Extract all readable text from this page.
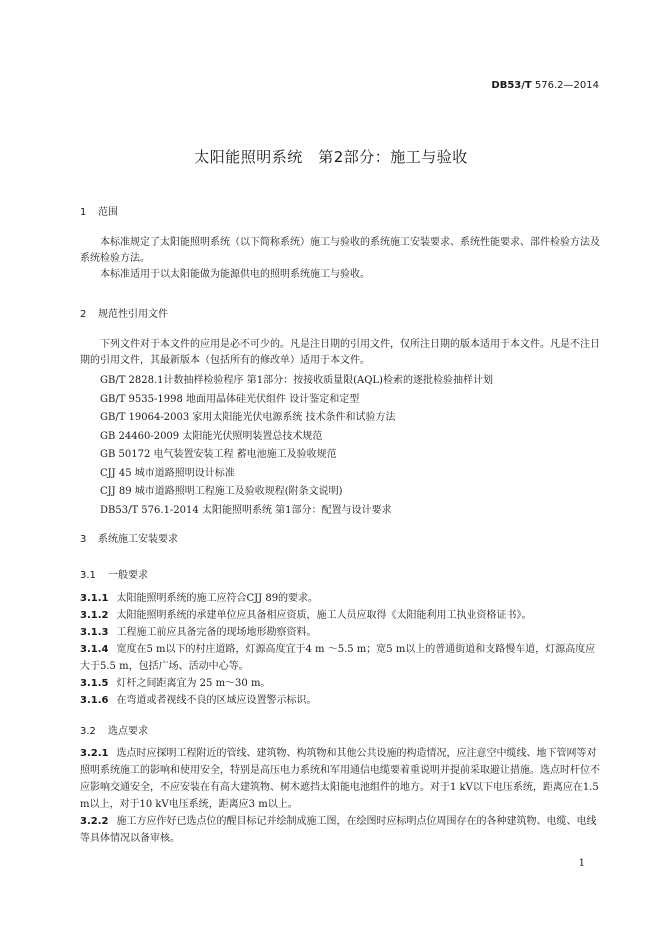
DB53/T 576.2—2014
太阳能照明系统　第2部分：施工与验收
1 范围

本标准规定了太阳能照明系统（以下简称系统）施工与验收的系统施工安装要求、系统性能要求、部件检验方法及系统检验方法。

本标准适用于以太阳能做为能源供电的照明系统施工与验收。

2 规范性引用文件

下列文件对于本文件的应用是必不可少的。凡是注日期的引用文件，仅所注日期的版本适用于本文件。凡是不注日期的引用文件，其最新版本（包括所有的修改单）适用于本文件。

GB/T 2828.1计数抽样检验程序 第1部分：按接收质量限(AQL)检索的逐批检验抽样计划
GB/T 9535-1998 地面用晶体硅光伏组件 设计鉴定和定型
GB/T 19064-2003 家用太阳能光伏电源系统 技术条件和试验方法
GB 24460-2009 太阳能光伏照明装置总技术规范
GB 50172 电气装置安装工程 蓄电池施工及验收规范
CJJ 45 城市道路照明设计标准
CJJ 89 城市道路照明工程施工及验收规程(附条文说明)
DB53/T 576.1-2014 太阳能照明系统 第1部分：配置与设计要求
3 系统施工安装要求
3.1 一般要求
3.1.1 太阳能照明系统的施工应符合CJJ 89的要求。
3.1.2 太阳能照明系统的承建单位应具备相应资质，施工人员应取得《太阳能利用工执业资格证书》。
3.1.3 工程施工前应具备完备的现场地形勘察资料。
3.1.4 宽度在5 m以下的村庄道路，灯源高度宜于4 m ～5.5 m；宽5 m以上的普通街道和支路慢车道，灯源高度应大于5.5 m，包括广场、活动中心等。
3.1.5 灯杆之间距离宜为 25 m～30 m。
3.1.6 在弯道或者视线不良的区域应设置警示标识。
3.2 选点要求
3.2.1 选点时应探明工程附近的管线、建筑物、构筑物和其他公共设施的构造情况，应注意空中缆线、地下管网等对照明系统施工的影响和使用安全，特别是高压电力系统和军用通信电缆要着重说明并提前采取避让措施。选点时杆位不应影响交通安全，不应安装在有高大建筑物、树木遮挡太阳能电池组件的地方。对于1 kV以下电压系统，距离应在1.5 m以上，对于10 kV电压系统，距离应3 m以上。
3.2.2 施工方应作好已选点位的醒目标记并绘制成施工图，在绘图时应标明点位周围存在的各种建筑物、电缆、电线等具体情况以备审核。
1
